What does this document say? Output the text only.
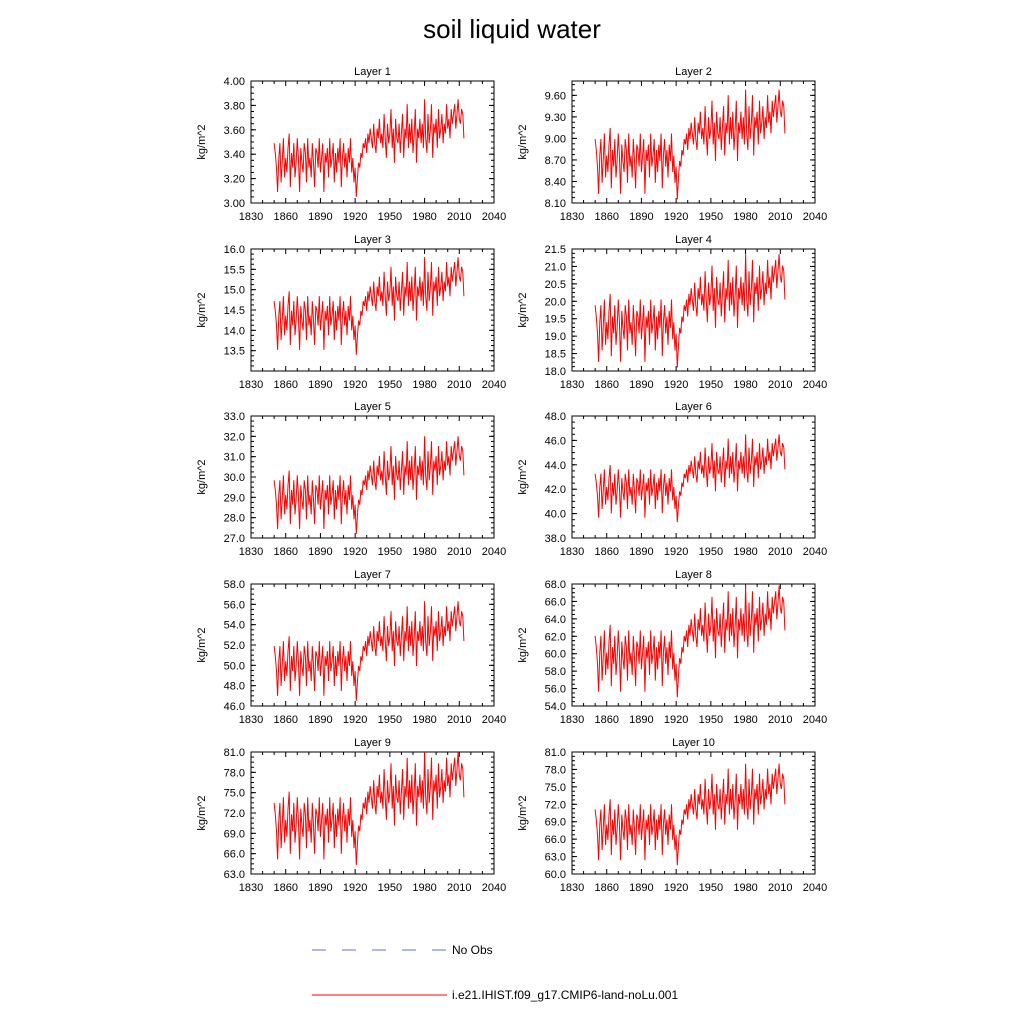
soil liquid water
Layer 1
kg/m^2
1830 1860 1890 1920 1950 1980 2010 2040
3.00
3.20
3.40
3.60
3.80
4.00
Layer 2
kg/m^2
1830 1860 1890 1920 1950 1980 2010 2040
8.10
8.40
8.70
9.00
9.30
9.60
Layer 3
kg/m^2
1830 1860 1890 1920 1950 1980 2010 2040
13.5
14.0
14.5
15.0
15.5
16.0
Layer 4
kg/m^2
1830 1860 1890 1920 1950 1980 2010 2040
18.0
18.5
19.0
19.5
20.0
20.5
21.0
21.5
Layer 5
kg/m^2
1830 1860 1890 1920 1950 1980 2010 2040
27.0
28.0
29.0
30.0
31.0
32.0
33.0
Layer 6
kg/m^2
1830 1860 1890 1920 1950 1980 2010 2040
38.0
40.0
42.0
44.0
46.0
48.0
Layer 7
kg/m^2
1830 1860 1890 1920 1950 1980 2010 2040
46.0
48.0
50.0
52.0
54.0
56.0
58.0
Layer 8
kg/m^2
1830 1860 1890 1920 1950 1980 2010 2040
54.0
56.0
58.0
60.0
62.0
64.0
66.0
68.0
Layer 9
kg/m^2
1830 1860 1890 1920 1950 1980 2010 2040
63.0
66.0
69.0
72.0
75.0
78.0
81.0
Layer 10
kg/m^2
1830 1860 1890 1920 1950 1980 2010 2040
60.0
63.0
66.0
69.0
72.0
75.0
78.0
81.0
No Obs
i.e21.IHIST.f09_g17.CMIP6-land-noLu.001
